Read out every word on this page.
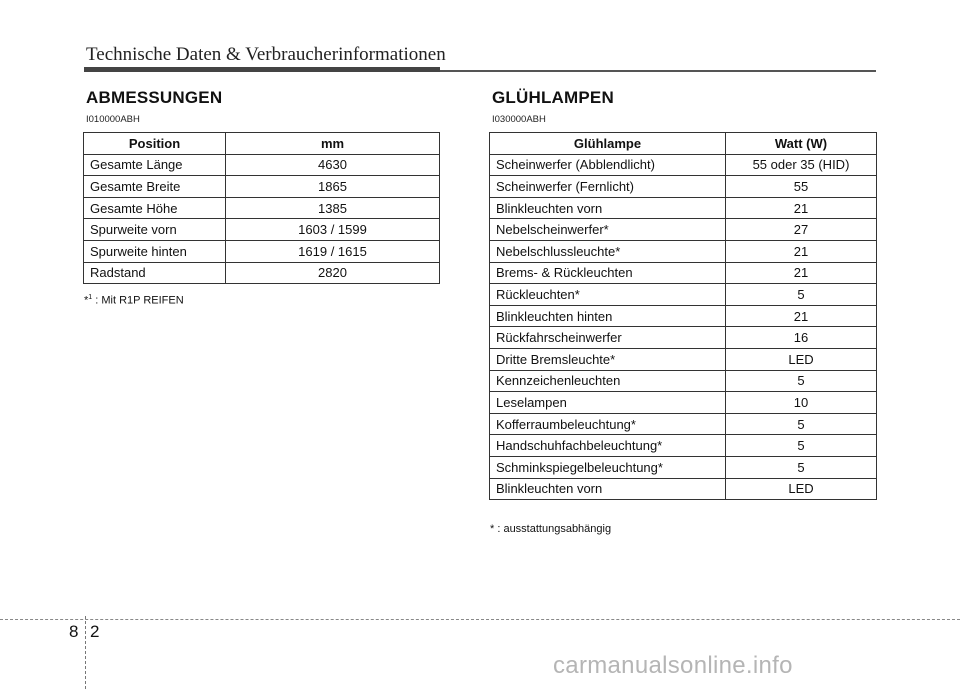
Technische Daten & Verbraucherinformationen
ABMESSUNGEN
I010000ABH
Position	mm
Gesamte Länge	4630
Gesamte Breite	1865
Gesamte Höhe	1385
Spurweite vorn	1603 / 1599
Spurweite hinten	1619 / 1615
Radstand	2820
*$^1$ : Mit R1P REIFEN
GLÜHLAMPEN
I030000ABH
Glühlampe	Watt (W)
Scheinwerfer (Abblendlicht)	55 oder 35 (HID)
Scheinwerfer (Fernlicht)	55
Blinkleuchten vorn	21
Nebelscheinwerfer*	27
Nebelschlussleuchte*	21
Brems- & Rückleuchten	21
Rückleuchten*	5
Blinkleuchten hinten	21
Rückfahrscheinwerfer	16
Dritte Bremsleuchte*	LED
Kennzeichenleuchten	5
Leselampen	10
Kofferraumbeleuchtung*	5
Handschuhfachbeleuchtung*	5
Schminkspiegelbeleuchtung*	5
Blinkleuchten vorn	LED
* : ausstattungsabhängig
8 2
carmanualsonline.info
